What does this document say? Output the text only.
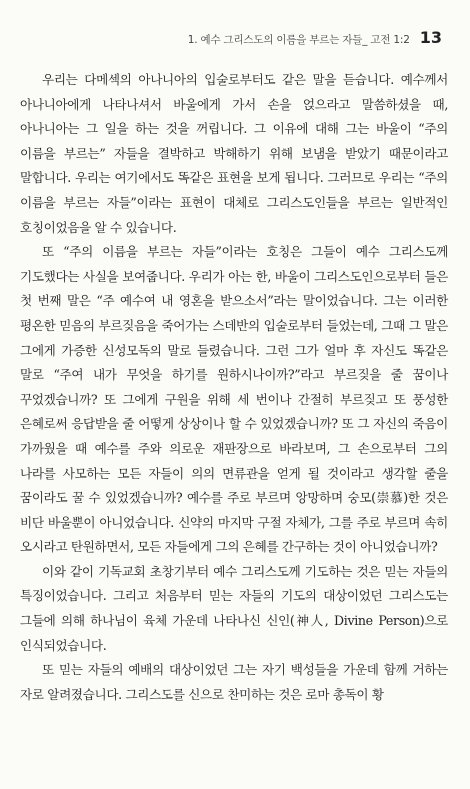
1. 예수 그리스도의 이름을 부르는 자들_ 고전 1:2 13

우리는 다메섹의 아나니아의 입술로부터도 같은 말을 듣습니다. 예수께서 아나니아에게 나타나셔서 바울에게 가서 손을 얹으라고 말씀하셨을 때, 아나니아는 그 일을 하는 것을 꺼립니다. 그 이유에 대해 그는 바울이 “주의 이름을 부르는” 자들을 결박하고 박해하기 위해 보냄을 받았기 때문이라고 말합니다. 우리는 여기에서도 똑같은 표현을 보게 됩니다. 그러므로 우리는 “주의 이름을 부르는 자들”이라는 표현이 대체로 그리스도인들을 부르는 일반적인 호칭이었음을 알 수 있습니다.

또 “주의 이름을 부르는 자들”이라는 호칭은 그들이 예수 그리스도께 기도했다는 사실을 보여줍니다. 우리가 아는 한, 바울이 그리스도인으로부터 들은 첫 번째 말은 “주 예수여 내 영혼을 받으소서”라는 말이었습니다. 그는 이러한 평온한 믿음의 부르짖음을 죽어가는 스데반의 입술로부터 들었는데, 그때 그 말은 그에게 가증한 신성모독의 말로 들렸습니다. 그런 그가 얼마 후 자신도 똑같은 말로 “주여 내가 무엇을 하기를 원하시나이까?”라고 부르짖을 줄 꿈이나 꾸었겠습니까? 또 그에게 구원을 위해 세 번이나 간절히 부르짖고 또 풍성한 은혜로써 응답받을 줄 어떻게 상상이나 할 수 있었겠습니까? 또 그 자신의 죽음이 가까웠을 때 예수를 주와 의로운 재판장으로 바라보며, 그 손으로부터 그의 나라를 사모하는 모든 자들이 의의 면류관을 얻게 될 것이라고 생각할 줄을 꿈이라도 꿀 수 있었겠습니까? 예수를 주로 부르며 앙망하며 숭모(崇慕)한 것은 비단 바울뿐이 아니었습니다. 신약의 마지막 구절 자체가, 그를 주로 부르며 속히 오시라고 탄원하면서, 모든 자들에게 그의 은혜를 간구하는 것이 아니었습니까?

이와 같이 기독교회 초창기부터 예수 그리스도께 기도하는 것은 믿는 자들의 특징이었습니다. 그리고 처음부터 믿는 자들의 기도의 대상이었던 그리스도는 그들에 의해 하나님이 육체 가운데 나타나신 신인(神人, Divine Person)으로 인식되었습니다.

또 믿는 자들의 예배의 대상이었던 그는 자기 백성들을 가운데 함께 거하는 자로 알려졌습니다. 그리스도를 신으로 찬미하는 것은 로마 총독이 황
